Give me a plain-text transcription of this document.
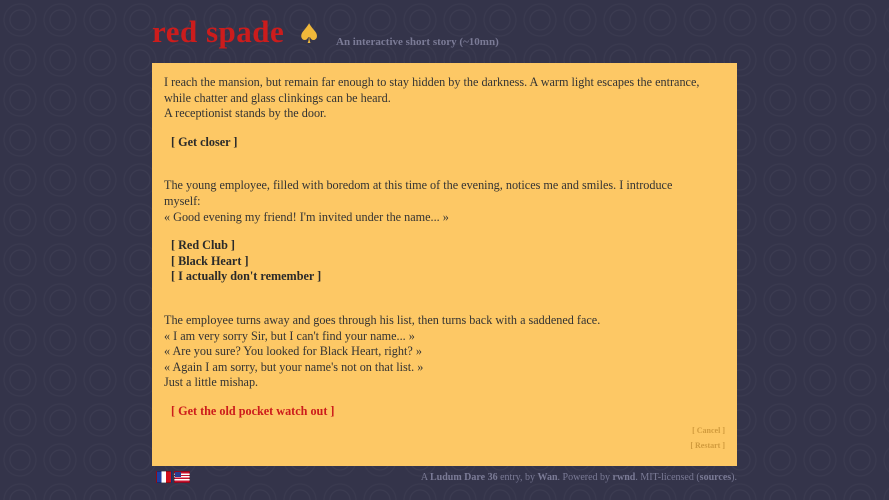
red spade ♠ An interactive short story (~10mn)

I reach the mansion, but remain far enough to stay hidden by the darkness. A warm light escapes the entrance,
while chatter and glass clinkings can be heard.
A receptionist stands by the door.

[ Get closer ]

The young employee, filled with boredom at this time of the evening, notices me and smiles. I introduce
myself:
« Good evening my friend! I'm invited under the name... »

[ Red Club ]
[ Black Heart ]
[ I actually don't remember ]

The employee turns away and goes through his list, then turns back with a saddened face.
« I am very sorry Sir, but I can't find your name... »
« Are you sure? You looked for Black Heart, right? »
« Again I am sorry, but your name's not on that list. »
Just a little mishap.

[ Get the old pocket watch out ]
[ Cancel ]
[ Restart ]
A Ludum Dare 36 entry, by Wan. Powered by rwnd. MIT-licensed (sources).
